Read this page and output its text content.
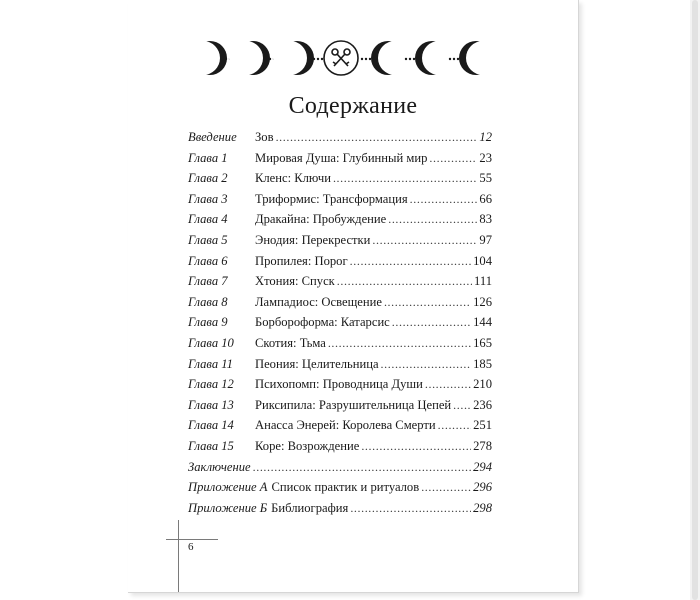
Содержание
Введение	Зов .....	12
Глава 1	Мировая Душа: Глубинный мир .....	23
Глава 2	Кленс: Ключи .....	55
Глава 3	Триформис: Трансформация .....	66
Глава 4	Дракайна: Пробуждение .....	83
Глава 5	Энодия: Перекрестки .....	97
Глава 6	Пропилея: Порог .....	104
Глава 7	Хтония: Спуск .....	111
Глава 8	Лампадиос: Освещение .....	126
Глава 9	Борбороформа: Катарсис .....	144
Глава 10	Скотия: Тьма .....	165
Глава 11	Пеония: Целительница .....	185
Глава 12	Психопомп: Проводница Души .....	210
Глава 13	Риксипила: Разрушительница Цепей ..... 236
Глава 14	Анасса Энерей: Королева Смерти .....	251
Глава 15	Коре: Возрождение .....	278
Заключение .....	294
Приложение А Список практик и ритуалов .....	296
Приложение Б Библиография .....	298
6
